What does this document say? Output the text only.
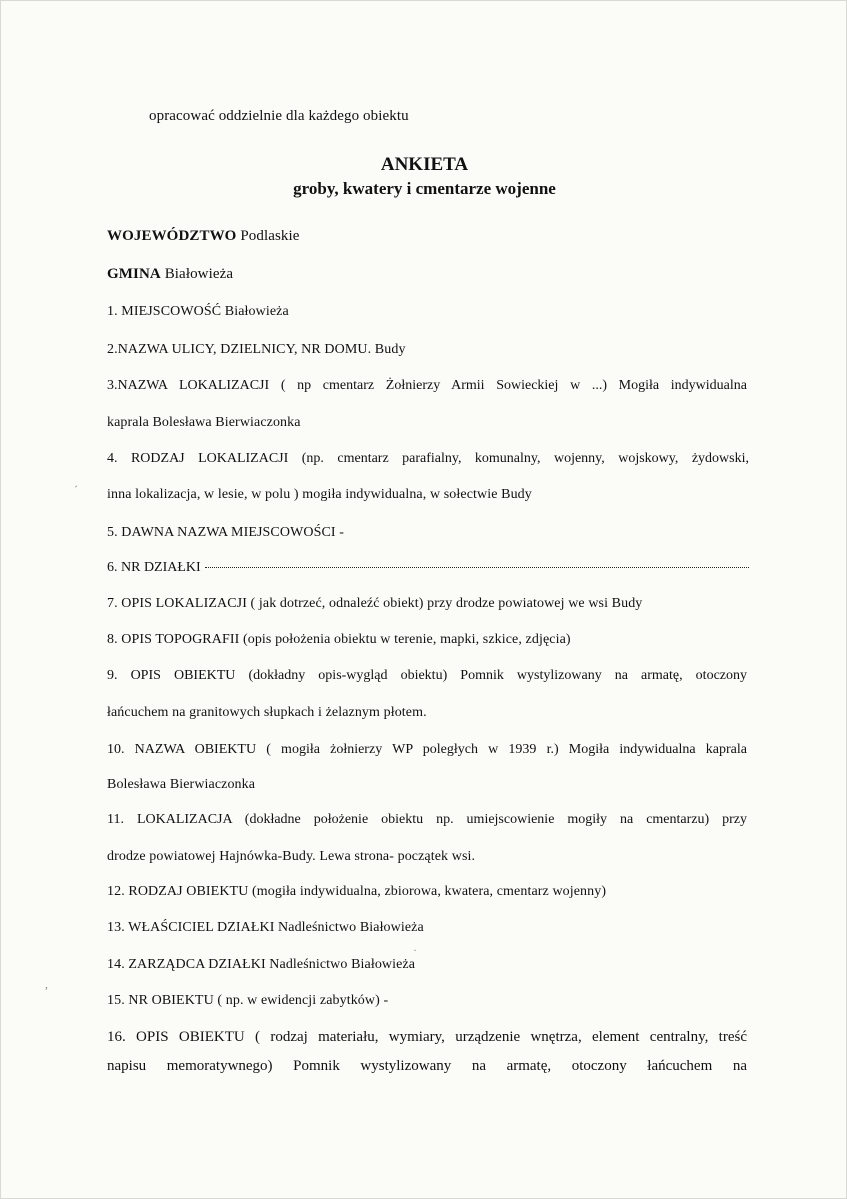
opracować oddzielnie dla każdego obiektu
ANKIETA
groby, kwatery i cmentarze wojenne
WOJEWÓDZTWO Podlaskie
GMINA Białowieża
1. MIEJSCOWOŚĆ Białowieża
2.NAZWA ULICY, DZIELNICY, NR DOMU. Budy
3.NAZWA LOKALIZACJI ( np cmentarz Żołnierzy Armii Sowieckiej w ...) Mogiła indywidualna
kaprala Bolesława Bierwiaczonka
4. RODZAJ LOKALIZACJI (np. cmentarz parafialny, komunalny, wojenny, wojskowy, żydowski,
inna lokalizacja, w lesie, w polu ) mogiła indywidualna, w sołectwie Budy
5. DAWNA NAZWA MIEJSCOWOŚCI -
6. NR DZIAŁKI
7. OPIS LOKALIZACJI ( jak dotrzeć, odnaleźć obiekt) przy drodze powiatowej we wsi Budy
8. OPIS TOPOGRAFII (opis położenia obiektu w terenie, mapki, szkice, zdjęcia)
9. OPIS OBIEKTU (dokładny opis-wygląd obiektu) Pomnik wystylizowany na armatę, otoczony
łańcuchem na granitowych słupkach i żelaznym płotem.
10. NAZWA OBIEKTU ( mogiła żołnierzy WP poległych w 1939 r.) Mogiła indywidualna kaprala
Bolesława Bierwiaczonka
11. LOKALIZACJA (dokładne położenie obiektu np. umiejscowienie mogiły na cmentarzu) przy
drodze powiatowej Hajnówka-Budy. Lewa strona- początek wsi.
12. RODZAJ OBIEKTU (mogiła indywidualna, zbiorowa, kwatera, cmentarz wojenny)
13. WŁAŚCICIEL DZIAŁKI Nadleśnictwo Białowieża
14. ZARZĄDCA DZIAŁKI Nadleśnictwo Białowieża
15. NR OBIEKTU ( np. w ewidencji zabytków) -
16. OPIS OBIEKTU ( rodzaj materiału, wymiary, urządzenie wnętrza, element centralny, treść
napisu memoratywnego) Pomnik wystylizowany na armatę, otoczony łańcuchem na
ˊ
,
·
